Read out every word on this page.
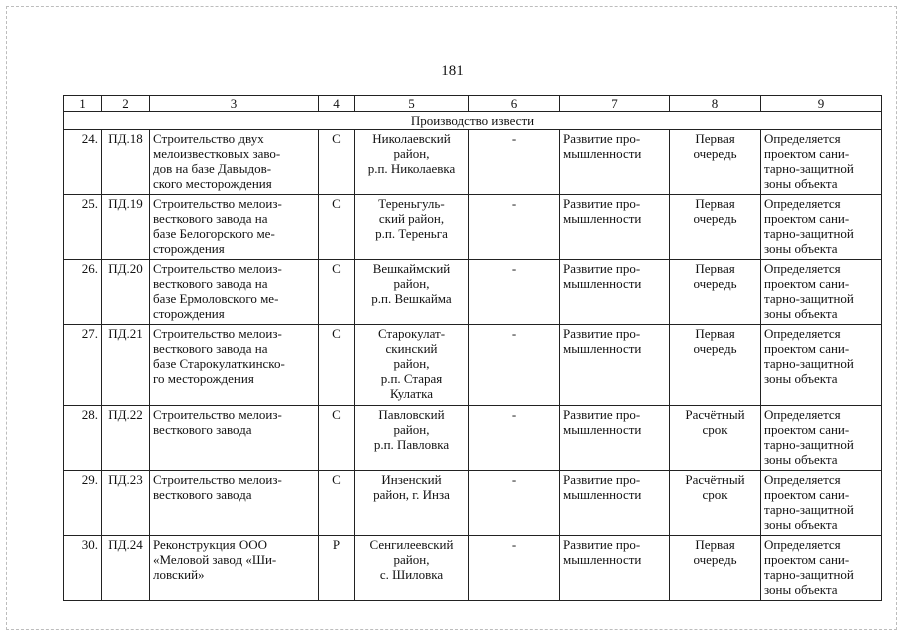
181
1	2	3	4	5	6	7	8	9
Производство извести								

24.	ПД.18	Строительство двух
мелоизвестковых заво-
дов на базе Давыдов-
ского месторождения	С	Николаевский
район,
р.п. Николаевка	-	Развитие про-
мышленности	Первая
очередь	Определяется
проектом сани-
тарно-защитной
зоны объекта

25.	ПД.19	Строительство мелоиз-
весткового завода на
базе Белогорского ме-
сторождения	С	Тереньгуль-
ский район,
р.п. Тереньга	-	Развитие про-
мышленности	Первая
очередь	Определяется
проектом сани-
тарно-защитной
зоны объекта

26.	ПД.20	Строительство мелоиз-
весткового завода на
базе Ермоловского ме-
сторождения	С	Вешкаймский
район,
р.п. Вешкайма	-	Развитие про-
мышленности	Первая
очередь	Определяется
проектом сани-
тарно-защитной
зоны объекта

27.	ПД.21	Строительство мелоиз-
весткового завода на
базе Старокулаткинско-
го месторождения	С	Старокулат-
скинский
район,
р.п. Старая
Кулатка	-	Развитие про-
мышленности	Первая
очередь	Определяется
проектом сани-
тарно-защитной
зоны объекта

28.	ПД.22	Строительство мелоиз-
весткового завода	С	Павловский
район,
р.п. Павловка	-	Развитие про-
мышленности	Расчётный
срок	Определяется
проектом сани-
тарно-защитной
зоны объекта

29.	ПД.23	Строительство мелоиз-
весткового завода	С	Инзенский
район, г. Инза	-	Развитие про-
мышленности	Расчётный
срок	Определяется
проектом сани-
тарно-защитной
зоны объекта

30.	ПД.24	Реконструкция ООО
«Меловой завод «Ши-
ловский»	Р	Сенгилеевский
район,
с. Шиловка	-	Развитие про-
мышленности	Первая
очередь	Определяется
проектом сани-
тарно-защитной
зоны объекта
